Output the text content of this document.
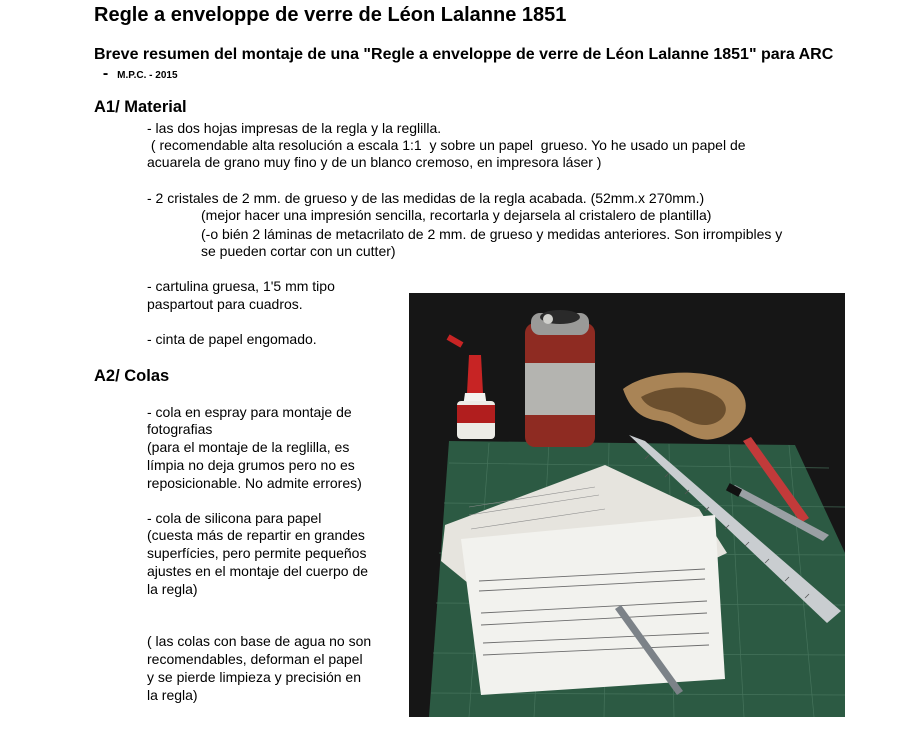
Regle a enveloppe de verre de Léon Lalanne 1851

Breve resumen del montaje de una "Regle a enveloppe de verre de Léon Lalanne 1851" para ARC  -  M.P.C. - 2015

A1/ Material

- las dos hojas impresas de la regla y la reglilla.

( recomendable alta resolución a escala 1:1  y sobre un papel  grueso. Yo he usado un papel de

acuarela de grano muy fino y de un blanco cremoso, en impresora láser )

- 2 cristales de 2 mm. de grueso y de las medidas de la regla acabada. (52mm.x 270mm.)

(mejor hacer una impresión sencilla, recortarla y dejarsela al cristalero de plantilla)

(-o bién 2 láminas de metacrilato de 2 mm. de grueso y medidas anteriores. Son irrompibles y

se pueden cortar con un cutter)

- cartulina gruesa, 1'5 mm tipo

paspartout para cuadros.

- cinta de papel engomado.

A2/ Colas

- cola en espray para montaje de

fotografias

(para el montaje de la reglilla, es

límpia no deja grumos pero no es

reposicionable. No admite errores)

- cola de silicona para papel

(cuesta más de repartir en grandes

superfícies, pero permite pequeños

ajustes en el montaje del cuerpo de

la regla)

( las colas con base de agua no son

recomendables, deforman el papel

y se pierde limpieza y precisión en

la regla)
